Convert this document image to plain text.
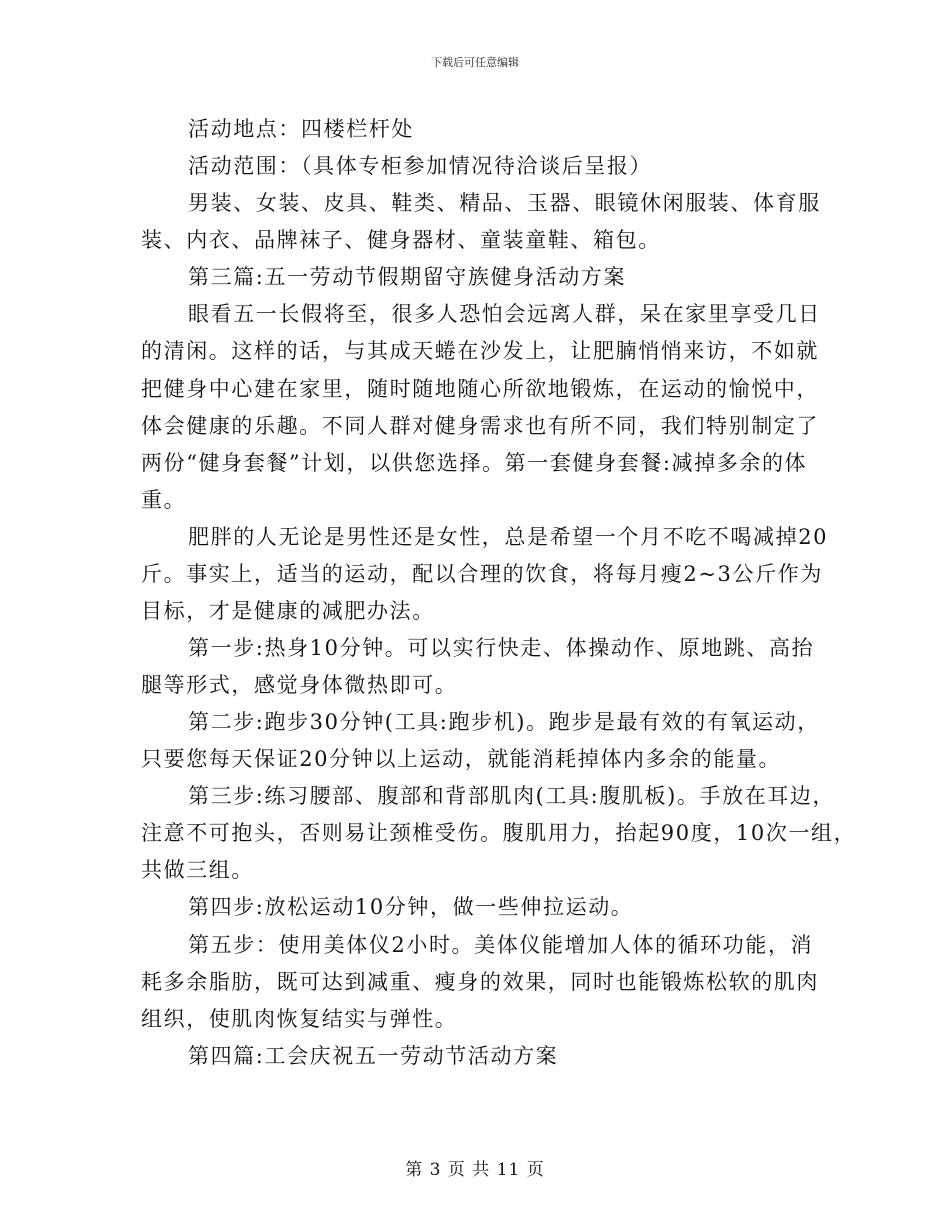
下载后可任意编辑
活动地点：四楼栏杆处
活动范围：（具体专柜参加情况待洽谈后呈报）
男装、女装、皮具、鞋类、精品、玉器、眼镜休闲服装、体育服
装、内衣、品牌袜子、健身器材、童装童鞋、箱包。
第三篇:五一劳动节假期留守族健身活动方案
眼看五一长假将至，很多人恐怕会远离人群，呆在家里享受几日
的清闲。这样的话，与其成天蜷在沙发上，让肥腩悄悄来访，不如就
把健身中心建在家里，随时随地随心所欲地锻炼，在运动的愉悦中，
体会健康的乐趣。不同人群对健身需求也有所不同，我们特别制定了
两份“健身套餐”计划，以供您选择。第一套健身套餐:减掉多余的体
重。
肥胖的人无论是男性还是女性，总是希望一个月不吃不喝减掉20
斤。事实上，适当的运动，配以合理的饮食，将每月瘦2~3公斤作为
目标，才是健康的减肥办法。
第一步:热身10分钟。可以实行快走、体操动作、原地跳、高抬
腿等形式，感觉身体微热即可。
第二步:跑步30分钟(工具:跑步机)。跑步是最有效的有氧运动，
只要您每天保证20分钟以上运动，就能消耗掉体内多余的能量。
第三步:练习腰部、腹部和背部肌肉(工具:腹肌板)。手放在耳边，
注意不可抱头，否则易让颈椎受伤。腹肌用力，抬起90度，10次一组，
共做三组。
第四步:放松运动10分钟，做一些伸拉运动。
第五步：使用美体仪2小时。美体仪能增加人体的循环功能，消
耗多余脂肪，既可达到减重、瘦身的效果，同时也能锻炼松软的肌肉
组织，使肌肉恢复结实与弹性。
第四篇:工会庆祝五一劳动节活动方案
第 3 页 共 11 页
